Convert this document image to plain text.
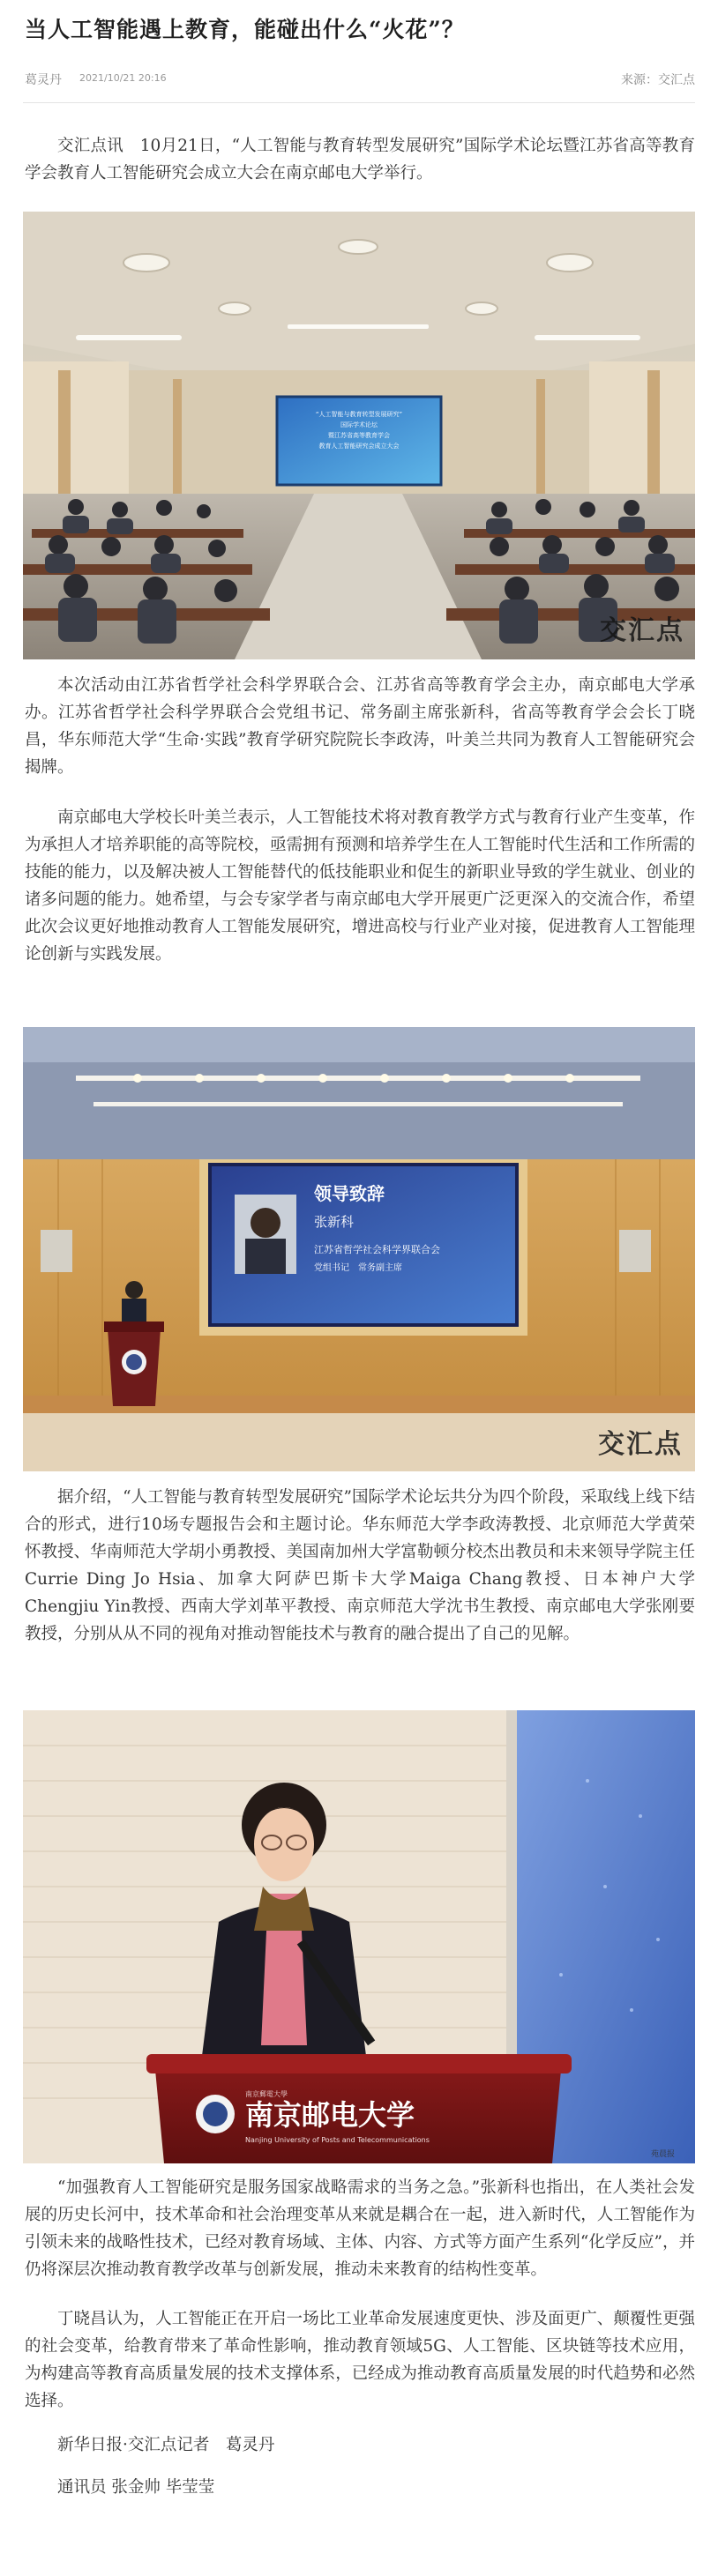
当人工智能遇上教育，能碰出什么“火花”？
葛灵丹 2021/10/21 20:16	来源：交汇点

交汇点讯　10月21日，“人工智能与教育转型发展研究”国际学术论坛暨江苏省高等教育学会教育人工智能研究会成立大会在南京邮电大学举行。

“人工智能与教育转型发展研究”
国际学术论坛
暨江苏省高等教育学会
教育人工智能研究会成立大会
交汇点

本次活动由江苏省哲学社会科学界联合会、江苏省高等教育学会主办，南京邮电大学承办。江苏省哲学社会科学界联合会党组书记、常务副主席张新科，省高等教育学会会长丁晓昌，华东师范大学“生命·实践”教育学研究院院长李政涛，叶美兰共同为教育人工智能研究会揭牌。

南京邮电大学校长叶美兰表示，人工智能技术将对教育教学方式与教育行业产生变革，作为承担人才培养职能的高等院校，亟需拥有预测和培养学生在人工智能时代生活和工作所需的技能的能力，以及解决被人工智能替代的低技能职业和促生的新职业导致的学生就业、创业的诸多问题的能力。她希望，与会专家学者与南京邮电大学开展更广泛更深入的交流合作，希望此次会议更好地推动教育人工智能发展研究，增进高校与行业产业对接，促进教育人工智能理论创新与实践发展。

领导致辞
张新科
江苏省哲学社会科学界联合会
党组书记　常务副主席
交汇点

据介绍，“人工智能与教育转型发展研究”国际学术论坛共分为四个阶段，采取线上线下结合的形式，进行10场专题报告会和主题讨论。华东师范大学李政涛教授、北京师范大学黄荣怀教授、华南师范大学胡小勇教授、美国南加州大学富勒顿分校杰出教员和未来领导学院主任Currie Ding Jo Hsia、加拿大阿萨巴斯卡大学Maiga Chang教授、日本神户大学Chengjiu Yin教授、西南大学刘革平教授、南京师范大学沈书生教授、南京邮电大学张刚要教授，分别从从不同的视角对推动智能技术与教育的融合提出了自己的见解。

南京邮电大学
南京郵電大學
Nanjing University of Posts and Telecommunications
苑晨报

“加强教育人工智能研究是服务国家战略需求的当务之急。”张新科也指出，在人类社会发展的历史长河中，技术革命和社会治理变革从来就是耦合在一起，进入新时代，人工智能作为引领未来的战略性技术，已经对教育场域、主体、内容、方式等方面产生系列“化学反应”，并仍将深层次推动教育教学改革与创新发展，推动未来教育的结构性变革。

丁晓昌认为，人工智能正在开启一场比工业革命发展速度更快、涉及面更广、颠覆性更强的社会变革，给教育带来了革命性影响，推动教育领域5G、人工智能、区块链等技术应用，为构建高等教育高质量发展的技术支撑体系，已经成为推动教育高质量发展的时代趋势和必然选择。

新华日报·交汇点记者　葛灵丹

通讯员 张金帅 毕莹莹
